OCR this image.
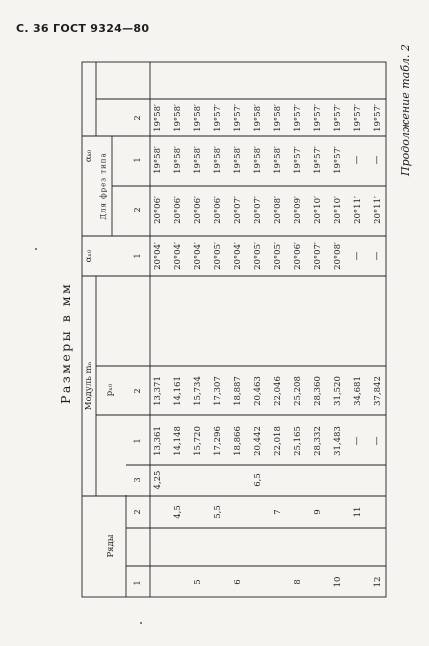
С. 36 ГОСТ 9324—80
Размеры в мм
Продолжение табл. 2
Модуль mₙ
Ряды
1
2
3
pₓ₀
1
2
αₖ₀
αₓ₀
Для фрез типа
1
2
1
2
4,25
13,361
13,371
20°04′
20°06′
19°58′
19°58′
4,5
14,148
14,161
20°04′
20°06′
19°58′
19°58′
5
15,720
15,734
20°04′
20°06′
19°58′
19°58′
5,5
17,296
17,307
20°05′
20°06′
19°58′
19°57′
6
18,866
18,887
20°04′
20°07′
19°58′
19°57′
6,5
20,442
20,463
20°05′
20°07′
19°58′
19°58′
7
22,018
22,046
20°05′
20°08′
19°58′
19°58′
8
25,165
25,208
20°06′
20°09′
19°57′
19°57′
9
28,332
28,360
20°07′
20°10′
19°57′
19°57′
10
31,483
31,520
20°08′
20°10′
19°57′
19°57′
11
—
34,681
—
20°11′
—
19°57′
12
—
37,842
—
20°11′
—
19°57′
